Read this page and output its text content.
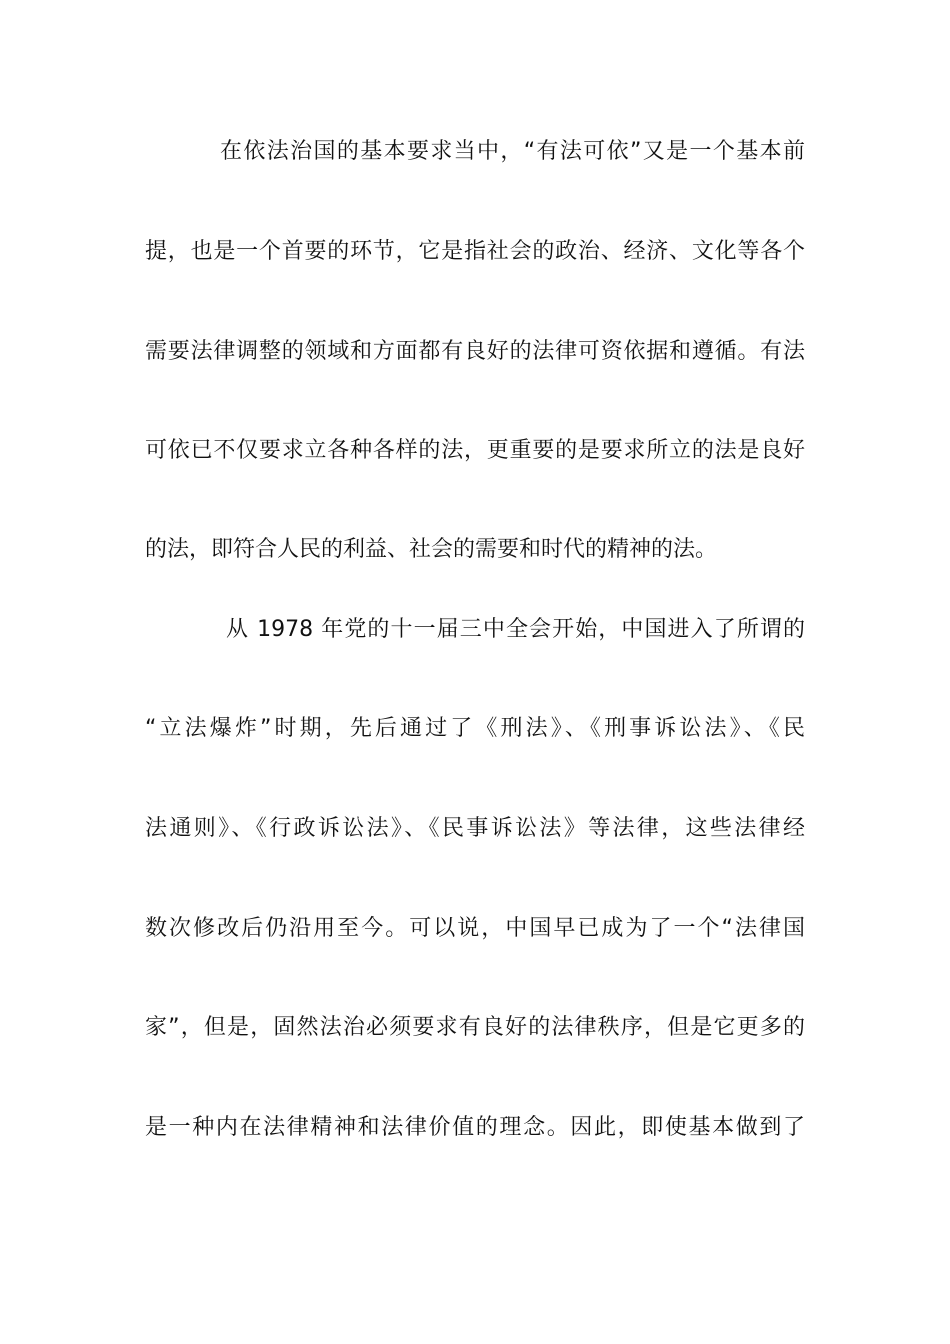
在依法治国的基本要求当中，“有法可依”又是一个基本前
提，也是一个首要的环节，它是指社会的政治、经济、文化等各个
需要法律调整的领域和方面都有良好的法律可资依据和遵循。有法
可依已不仅要求立各种各样的法，更重要的是要求所立的法是良好
的法，即符合人民的利益、社会的需要和时代的精神的法。
从 1978 年党的十一届三中全会开始，中国进入了所谓的
“立法爆炸”时期，先后通过了《刑法》、《刑事诉讼法》、《民
法通则》、《行政诉讼法》、《民事诉讼法》等法律，这些法律经
数次修改后仍沿用至今。可以说，中国早已成为了一个“法律国
家”，但是，固然法治必须要求有良好的法律秩序，但是它更多的
是一种内在法律精神和法律价值的理念。因此，即使基本做到了
